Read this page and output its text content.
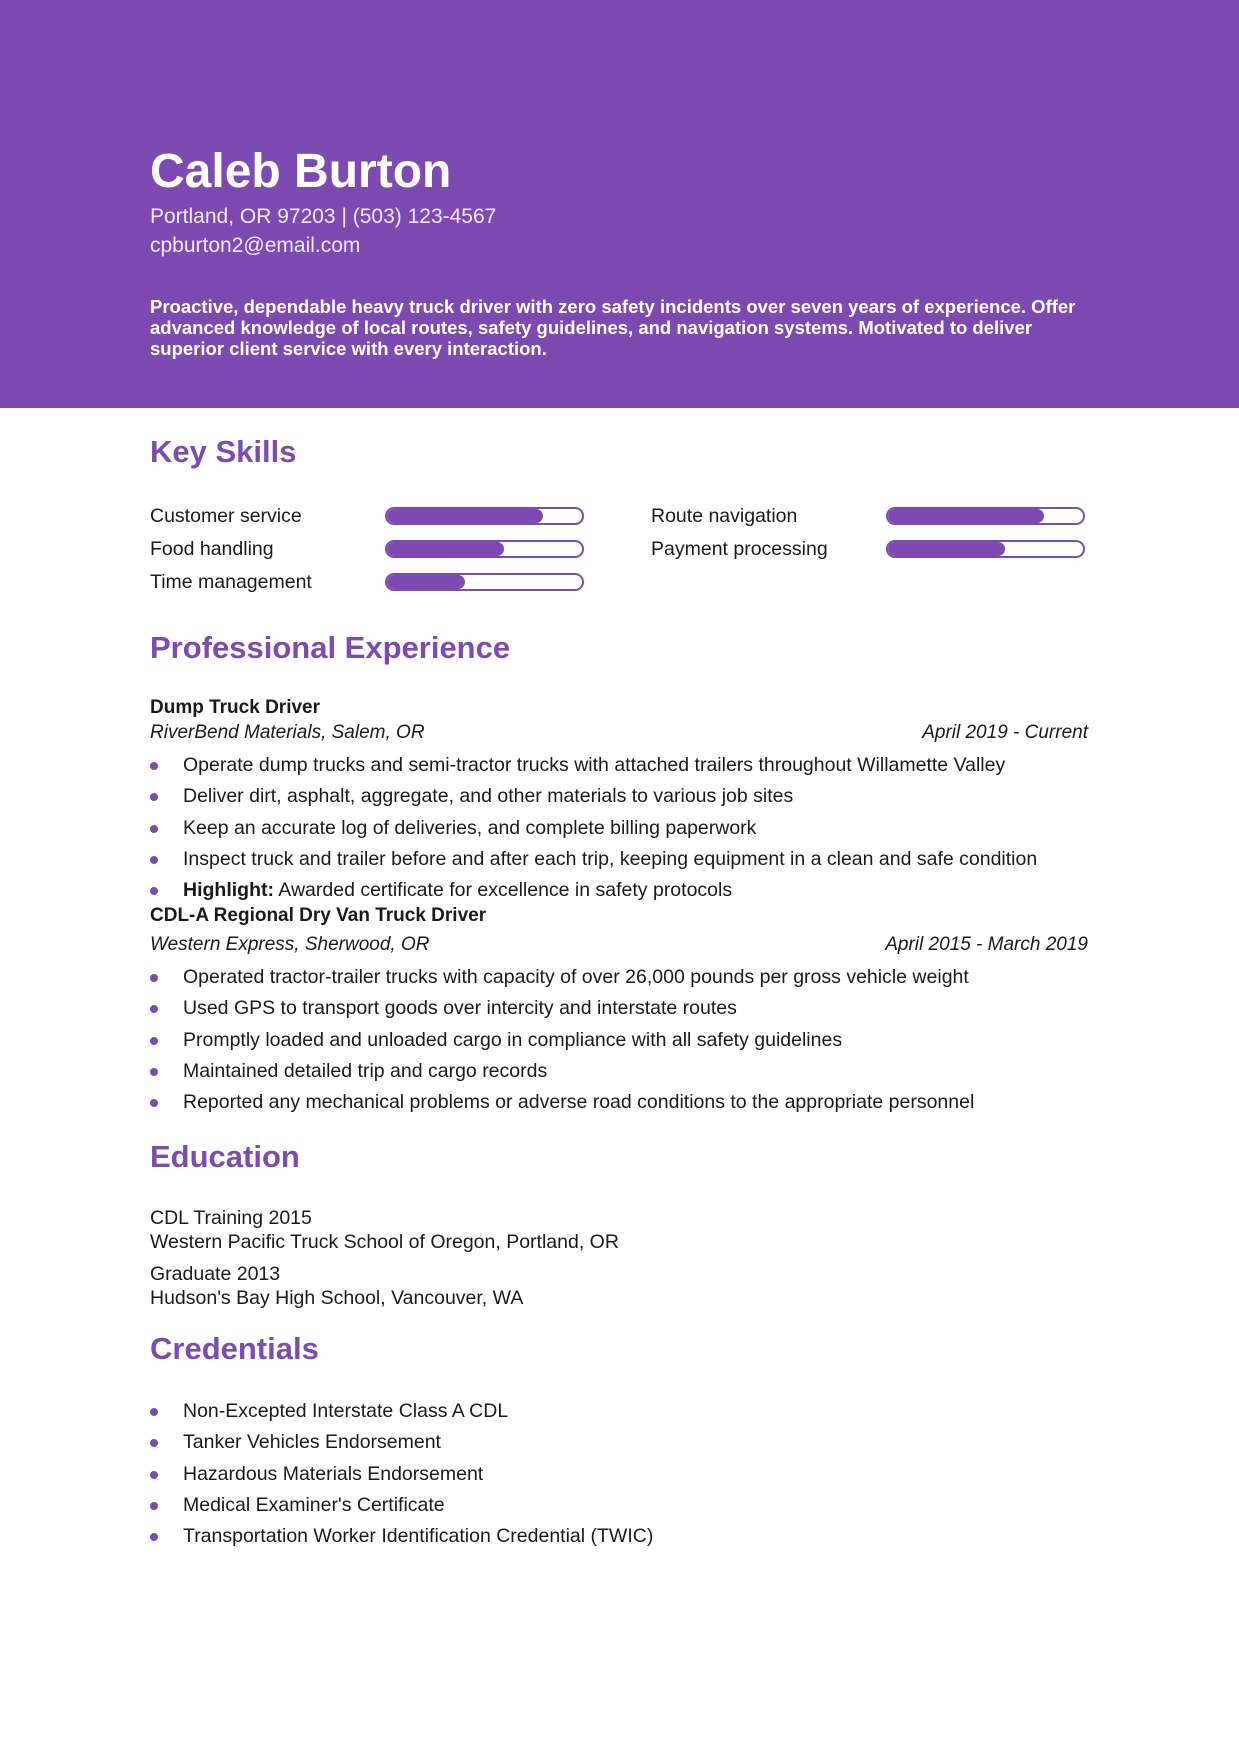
Caleb Burton
Portland, OR 97203 | (503) 123-4567
cpburton2@email.com

Proactive, dependable heavy truck driver with zero safety incidents over seven years of experience. Offer advanced knowledge of local routes, safety guidelines, and navigation systems. Motivated to deliver superior client service with every interaction.

Key Skills
Customer service
Food handling
Time management
Route navigation
Payment processing
Professional Experience
Dump Truck Driver
RiverBend Materials, Salem, OR	April 2019 - Current
Operate dump trucks and semi-tractor trucks with attached trailers throughout Willamette Valley
Deliver dirt, asphalt, aggregate, and other materials to various job sites
Keep an accurate log of deliveries, and complete billing paperwork
Inspect truck and trailer before and after each trip, keeping equipment in a clean and safe condition
Highlight: Awarded certificate for excellence in safety protocols
CDL-A Regional Dry Van Truck Driver
Western Express, Sherwood, OR	April 2015 - March 2019
Operated tractor-trailer trucks with capacity of over 26,000 pounds per gross vehicle weight
Used GPS to transport goods over intercity and interstate routes
Promptly loaded and unloaded cargo in compliance with all safety guidelines
Maintained detailed trip and cargo records
Reported any mechanical problems or adverse road conditions to the appropriate personnel
Education
CDL Training 2015
Western Pacific Truck School of Oregon, Portland, OR
Graduate 2013
Hudson's Bay High School, Vancouver, WA
Credentials
Non-Excepted Interstate Class A CDL
Tanker Vehicles Endorsement
Hazardous Materials Endorsement
Medical Examiner's Certificate
Transportation Worker Identification Credential (TWIC)
